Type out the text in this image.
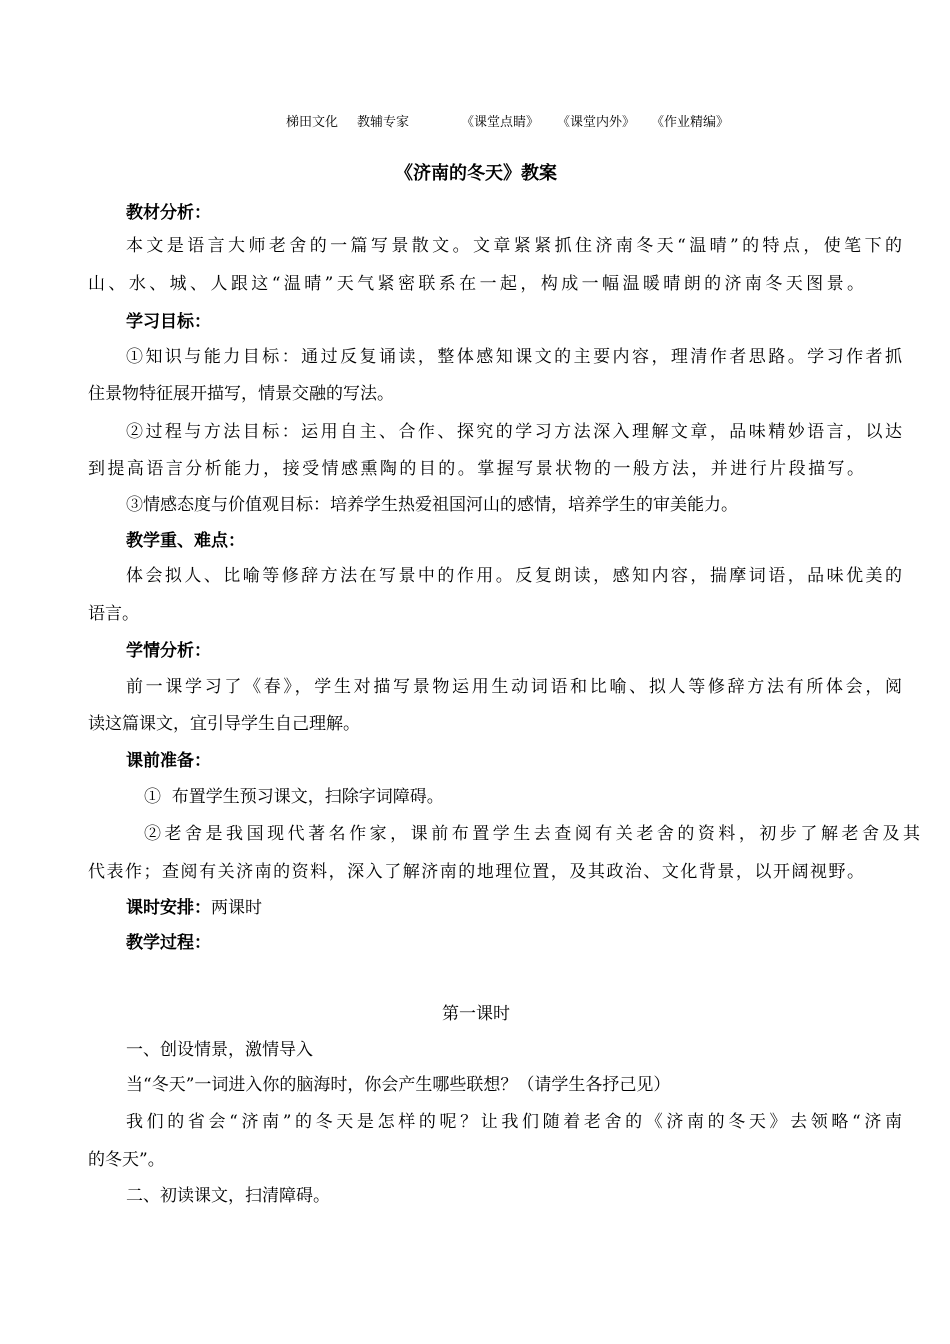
梯田文化 教辅专家	《课堂点睛》 《课堂内外》 《作业精编》
《济南的冬天》教案
教材分析：
本文是语言大师老舍的一篇写景散文。文章紧紧抓住济南冬天“温晴”的特点，使笔下的
山、水、城、人跟这“温晴”天气紧密联系在一起，构成一幅温暖晴朗的济南冬天图景。
学习目标：
①知识与能力目标：通过反复诵读，整体感知课文的主要内容，理清作者思路。学习作者抓
住景物特征展开描写，情景交融的写法。
②过程与方法目标：运用自主、合作、探究的学习方法深入理解文章，品味精妙语言，以达
到提高语言分析能力，接受情感熏陶的目的。掌握写景状物的一般方法，并进行片段描写。
③情感态度与价值观目标：培养学生热爱祖国河山的感情，培养学生的审美能力。
教学重、难点：
体会拟人、比喻等修辞方法在写景中的作用。反复朗读，感知内容，揣摩词语，品味优美的
语言。
学情分析：
前一课学习了《春》，学生对描写景物运用生动词语和比喻、拟人等修辞方法有所体会，阅
读这篇课文，宜引导学生自己理解。
课前准备：
①  布置学生预习课文，扫除字词障碍。
②老舍是我国现代著名作家，课前布置学生去查阅有关老舍的资料，初步了解老舍及其
代表作；查阅有关济南的资料，深入了解济南的地理位置，及其政治、文化背景，以开阔视野。
课时安排：两课时
教学过程：
第一课时
一、创设情景，激情导入
当“冬天”一词进入你的脑海时，你会产生哪些联想？（请学生各抒己见）
我们的省会“济南”的冬天是怎样的呢？让我们随着老舍的《济南的冬天》去领略“济南
的冬天”。
二、初读课文，扫清障碍。
